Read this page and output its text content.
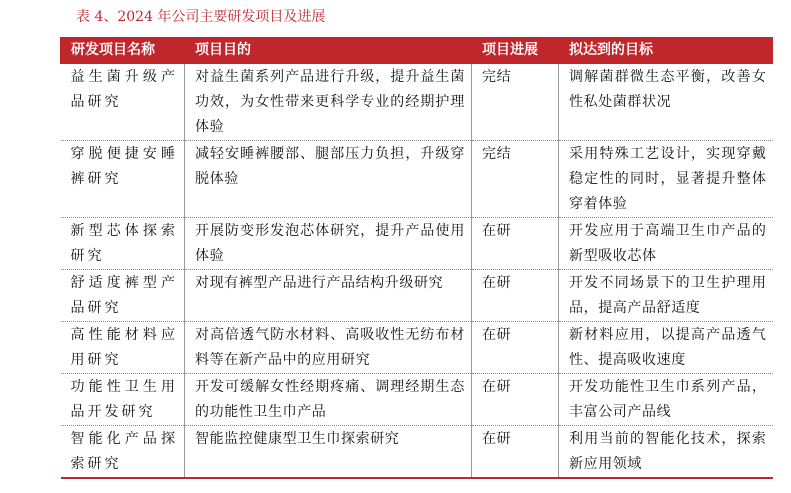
表 4、2024 年公司主要研发项目及进展
研发项目名称	项目目的	项目进展	拟达到的目标
益生菌升级产品研究	对益生菌系列产品进行升级，提升益生菌功效，为女性带来更科学专业的经期护理体验	完结	调解菌群微生态平衡，改善女性私处菌群状况
穿脱便捷安睡裤研究	减轻安睡裤腰部、腿部压力负担，升级穿脱体验	完结	采用特殊工艺设计，实现穿戴稳定性的同时，显著提升整体穿着体验
新型芯体探索研究	开展防变形发泡芯体研究，提升产品使用体验	在研	开发应用于高端卫生巾产品的新型吸收芯体
舒适度裤型产品研究	对现有裤型产品进行产品结构升级研究	在研	开发不同场景下的卫生护理用品，提高产品舒适度
高性能材料应用研究	对高倍透气防水材料、高吸收性无纺布材料等在新产品中的应用研究	在研	新材料应用，以提高产品透气性、提高吸收速度
功能性卫生用品开发研究	开发可缓解女性经期疼痛、调理经期生态的功能性卫生巾产品	在研	开发功能性卫生巾系列产品，丰富公司产品线
智能化产品探索研究	智能监控健康型卫生巾探索研究	在研	利用当前的智能化技术，探索新应用领域
